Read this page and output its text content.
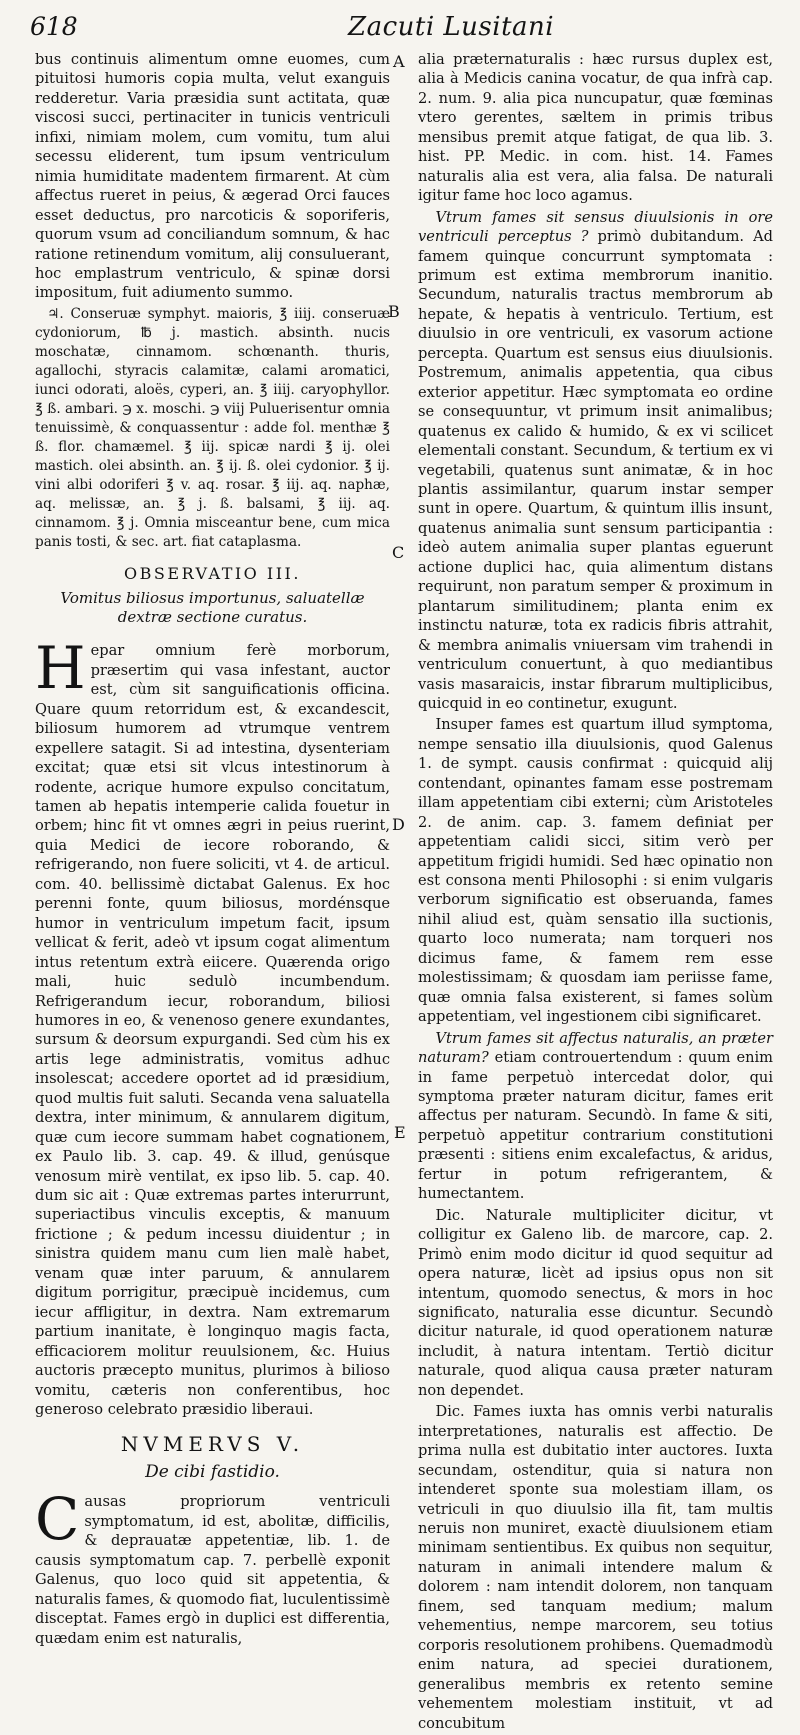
618	Zacuti Lusitani
A
B
C
D
E

bus continuis alimentum omne euomes, cum pituitosi humoris copia multa, velut exanguis redderetur. Varia præsidia sunt actitata, quæ viscosi succi, pertinaciter in tunicis ventriculi infixi, nimiam molem, cum vomitu, tum alui secessu eliderent, tum ipsum ventriculum nimia humiditate madentem firmarent. At cùm affectus rueret in peius, & ægerad Orci fauces esset deductus, pro narcoticis & soporiferis, quorum vsum ad conciliandum somnum, & hac ratione retinendum vomitum, alij consuluerant, hoc emplastrum ventriculo, & spinæ dorsi impositum, fuit adiumento summo.

♃. Conseruæ symphyt. maioris, ℥ iiij. conseruæ cydoniorum, ℔ j. mastich. absinth. nucis moschatæ, cinnamom. schœnanth. thuris, agallochi, styracis calamitæ, calami aromatici, iunci odorati, aloës, cyperi, an. ℥ iiij. caryophyllor. ℥ ß. ambari. ℈ x. moschi. ℈ viij Puluerisentur omnia tenuissimè, & conquassentur : adde fol. menthæ ℥ ß. flor. chamæmel. ℥ iij. spicæ nardi ℥ ij. olei mastich. olei absinth. an. ℥ ij. ß. olei cydonior. ℥ ij. vini albi odoriferi ℥ v. aq. rosar. ℥ iij. aq. naphæ, aq. melissæ, an. ℥ j. ß. balsami, ℥ iij. aq. cinnamom. ℥ j. Omnia misceantur bene, cum mica panis tosti, & sec. art. fiat cataplasma.

OBSERVATIO III.
Vomitus biliosus importunus, saluatellæ dextræ sectione curatus.

Hepar omnium ferè morborum, præsertim qui vasa infestant, auctor est, cùm sit sanguificationis officina. Quare quum retorridum est, & excandescit, biliosum humorem ad vtrumque ventrem expellere satagit. Si ad intestina, dysenteriam excitat; quæ etsi sit vlcus intestinorum à rodente, acrique humore expulso concitatum, tamen ab hepatis intemperie calida fouetur in orbem; hinc fit vt omnes ægri in peius ruerint, quia Medici de iecore roborando, & refrigerando, non fuere soliciti, vt 4. de articul. com. 40. bellissimè dictabat Galenus. Ex hoc perenni fonte, quum biliosus, mordénsque humor in ventriculum impetum facit, ipsum vellicat & ferit, adeò vt ipsum cogat alimentum intus retentum extrà eiicere. Quærenda origo mali, huic sedulò incumbendum. Refrigerandum iecur, roborandum, biliosi humores in eo, & venenoso genere exundantes, sursum & deorsum expurgandi. Sed cùm his ex artis lege administratis, vomitus adhuc insolescat; accedere oportet ad id præsidium, quod multis fuit saluti. Secanda vena saluatella dextra, inter minimum, & annularem digitum, quæ cum iecore summam habet cognationem, ex Paulo lib. 3. cap. 49. & illud, genúsque venosum mirè ventilat, ex ipso lib. 5. cap. 40. dum sic ait : Quæ extremas partes interurrunt, superiactibus vinculis exceptis, & manuum frictione ; & pedum incessu diuidentur ; in sinistra quidem manu cum lien malè habet, venam quæ inter paruum, & annularem digitum porrigitur, præcipuè incidemus, cum iecur affligitur, in dextra. Nam extremarum partium inanitate, è longinquo magis facta, efficaciorem molitur reuulsionem, &c. Huius auctoris præcepto munitus, plurimos à bilioso vomitu, cæteris non conferentibus, hoc generoso celebrato præsidio liberaui.

NVMERVS V.
De cibi fastidio.

Causas propriorum ventriculi symptomatum, id est, abolitæ, difficilis, & deprauatæ appetentiæ, lib. 1. de causis symptomatum cap. 7. perbellè exponit Galenus, quo loco quid sit appetentia, & naturalis fames, & quomodo fiat, luculentissimè disceptat. Fames ergò in duplici est differentia, quædam enim est naturalis,

alia præternaturalis : hæc rursus duplex est, alia à Medicis canina vocatur, de qua infrà cap. 2. num. 9. alia pica nuncupatur, quæ fœminas vtero gerentes, sæltem in primis tribus mensibus premit atque fatigat, de qua lib. 3. hist. PP. Medic. in com. hist. 14. Fames naturalis alia est vera, alia falsa. De naturali igitur fame hoc loco agamus.

Vtrum fames sit sensus diuulsionis in ore ventriculi perceptus ? primò dubitandum. Ad famem quinque concurrunt symptomata : primum est extima membrorum inanitio. Secundum, naturalis tractus membrorum ab hepate, & hepatis à ventriculo. Tertium, est diuulsio in ore ventriculi, ex vasorum actione percepta. Quartum est sensus eius diuulsionis. Postremum, animalis appetentia, qua cibus exterior appetitur. Hæc symptomata eo ordine se consequuntur, vt primum insit animalibus; quatenus ex calido & humido, & ex vi scilicet elementali constant. Secundum, & tertium ex vi vegetabili, quatenus sunt animatæ, & in hoc plantis assimilantur, quarum instar semper sunt in opere. Quartum, & quintum illis insunt, quatenus animalia sunt sensum participantia : ideò autem animalia super plantas eguerunt actione duplici hac, quia alimentum distans requirunt, non paratum semper & proximum in plantarum similitudinem; planta enim ex instinctu naturæ, tota ex radicis fibris attrahit, & membra animalis vniuersam vim trahendi in ventriculum conuertunt, à quo mediantibus vasis masaraicis, instar fibrarum multiplicibus, quicquid in eo continetur, exugunt.

Insuper fames est quartum illud symptoma, nempe sensatio illa diuulsionis, quod Galenus 1. de sympt. causis confirmat : quicquid alij contendant, opinantes famam esse postremam illam appetentiam cibi externi; cùm Aristoteles 2. de anim. cap. 3. famem definiat per appetentiam calidi sicci, sitim verò per appetitum frigidi humidi. Sed hæc opinatio non est consona menti Philosophi : si enim vulgaris verborum significatio est obseruanda, fames nihil aliud est, quàm sensatio illa suctionis, quarto loco numerata; nam torqueri nos dicimus fame, & famem rem esse molestissimam; & quosdam iam periisse fame, quæ omnia falsa existerent, si fames solùm appetentiam, vel ingestionem cibi significaret.

Vtrum fames sit affectus naturalis, an præter naturam? etiam controuertendum : quum enim in fame perpetuò intercedat dolor, qui symptoma præter naturam dicitur, fames erit affectus per naturam. Secundò. In fame & siti, perpetuò appetitur contrarium constitutioni præsenti : sitiens enim excalefactus, & aridus, fertur in potum refrigerantem, & humectantem.

Dic. Naturale multipliciter dicitur, vt colligitur ex Galeno lib. de marcore, cap. 2. Primò enim modo dicitur id quod sequitur ad opera naturæ, licèt ad ipsius opus non sit intentum, quomodo senectus, & mors in hoc significato, naturalia esse dicuntur. Secundò dicitur naturale, id quod operationem naturæ includit, à natura intentam. Tertiò dicitur naturale, quod aliqua causa præter naturam non dependet.

Dic. Fames iuxta has omnis verbi naturalis interpretationes, naturalis est affectio. De prima nulla est dubitatio inter auctores. Iuxta secundam, ostenditur, quia si natura non intenderet sponte sua molestiam illam, os vetriculi in quo diuulsio illa fit, tam multis neruis non muniret, exactè diuulsionem etiam minimam sentientibus. Ex quibus non sequitur, naturam in animali intendere malum & dolorem : nam intendit dolorem, non tanquam finem, sed tanquam medium; malum vehementius, nempe marcorem, seu totius corporis resolutionem prohibens. Quemadmodù enim natura, ad speciei durationem, generalibus membris ex retento semine vehementem molestiam instituit, vt ad concubitum
